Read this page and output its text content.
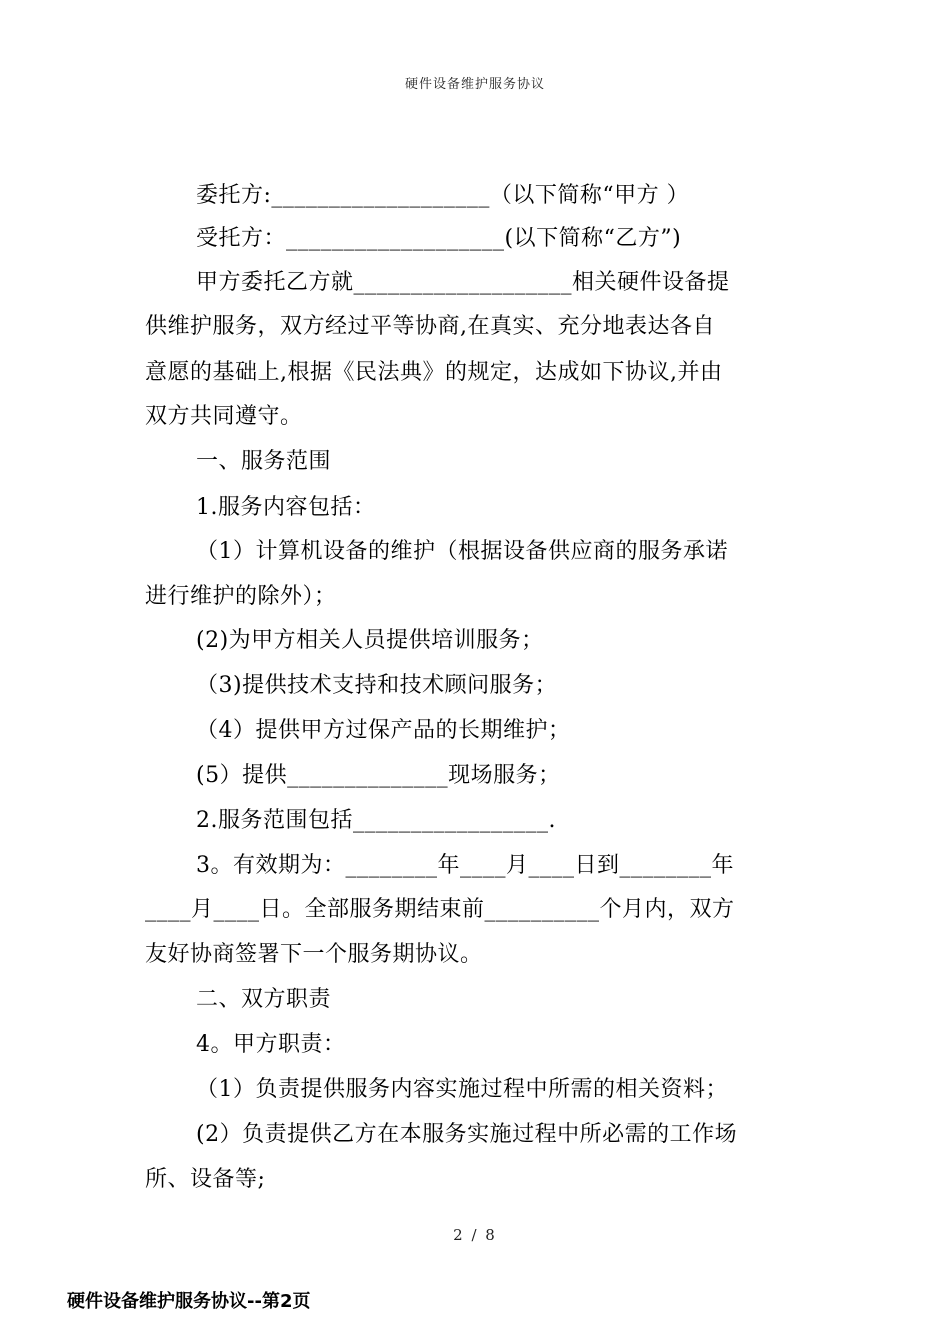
硬件设备维护服务协议
委托方:___________________（以下简称“甲方 ）
受托方：___________________(以下简称“乙方”)
甲方委托乙方就___________________相关硬件设备提
供维护服务，双方经过平等协商,在真实、充分地表达各自
意愿的基础上,根据《民法典》的规定，达成如下协议,并由
双方共同遵守。
一、服务范围
1.服务内容包括：
（1）计算机设备的维护（根据设备供应商的服务承诺
进行维护的除外）；
(2)为甲方相关人员提供培训服务；
（3)提供技术支持和技术顾问服务；
（4）提供甲方过保产品的长期维护；
(5）提供______________现场服务；
2.服务范围包括_________________.
3。有效期为：________年____月____日到________年
____月____日。全部服务期结束前__________个月内，双方
友好协商签署下一个服务期协议。
二、双方职责
4。甲方职责：
（1）负责提供服务内容实施过程中所需的相关资料；
(2）负责提供乙方在本服务实施过程中所必需的工作场
所、设备等;
2 / 8
硬件设备维护服务协议--第2页
